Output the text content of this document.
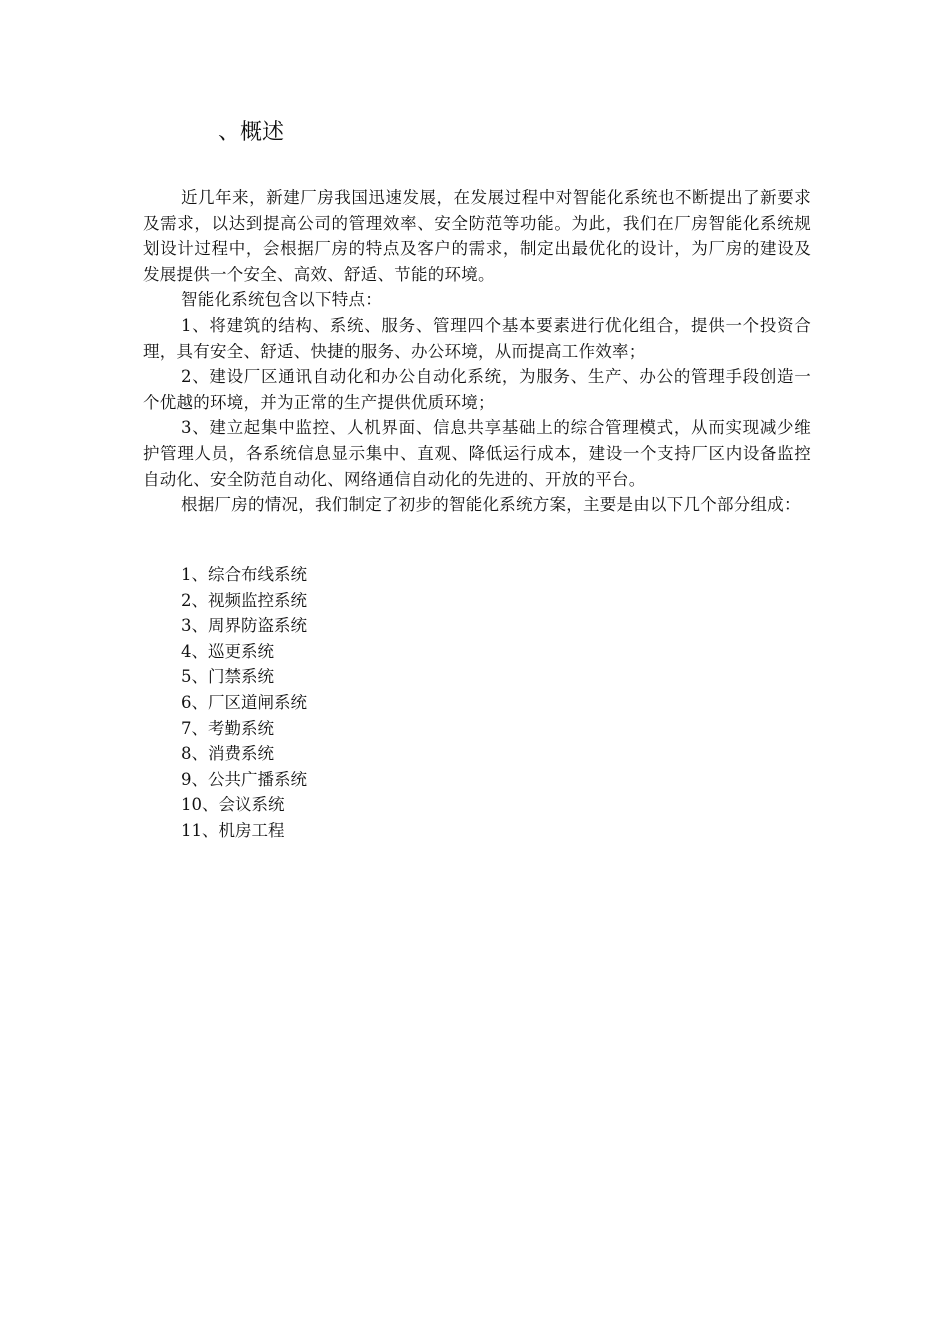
、概述

近几年来，新建厂房我国迅速发展，在发展过程中对智能化系统也不断提出了新要求及需求，以达到提高公司的管理效率、安全防范等功能。为此，我们在厂房智能化系统规划设计过程中，会根据厂房的特点及客户的需求，制定出最优化的设计，为厂房的建设及发展提供一个安全、高效、舒适、节能的环境。

智能化系统包含以下特点：

1、将建筑的结构、系统、服务、管理四个基本要素进行优化组合，提供一个投资合理，具有安全、舒适、快捷的服务、办公环境，从而提高工作效率；

2、建设厂区通讯自动化和办公自动化系统，为服务、生产、办公的管理手段创造一个优越的环境，并为正常的生产提供优质环境；

3、建立起集中监控、人机界面、信息共享基础上的综合管理模式，从而实现减少维护管理人员，各系统信息显示集中、直观、降低运行成本，建设一个支持厂区内设备监控自动化、安全防范自动化、网络通信自动化的先进的、开放的平台。

根据厂房的情况，我们制定了初步的智能化系统方案，主要是由以下几个部分组成：

1、综合布线系统
2、视频监控系统
3、周界防盗系统
4、巡更系统
5、门禁系统
6、厂区道闸系统
7、考勤系统
8、消费系统
9、公共广播系统
10、会议系统
11、机房工程
